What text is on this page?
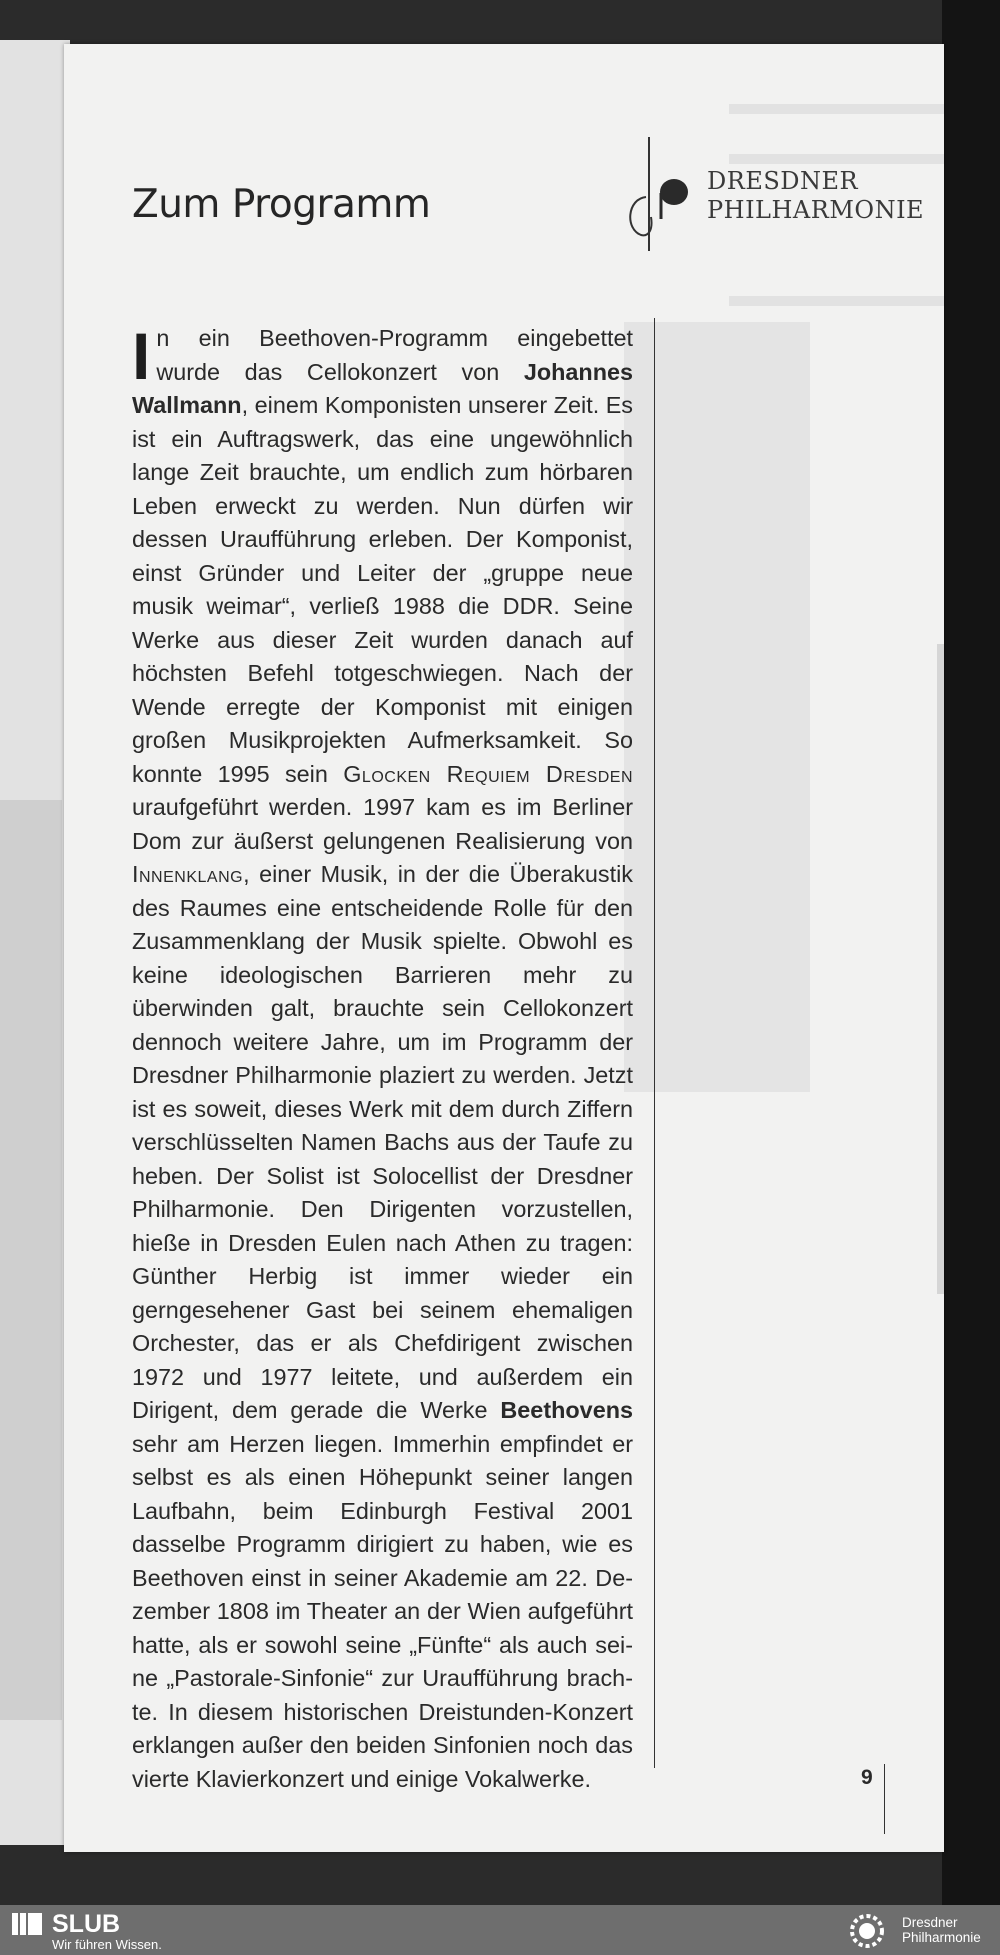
DRESDNER
PHILHARMONIE
Zum Programm

In ein Beethoven-Programm eingebettet wurde das Cellokonzert von Johannes Wallmann, einem Komponisten unserer Zeit. Es ist ein Auftragswerk, das eine ungewöhnlich lange Zeit brauchte, um endlich zum hörbaren Leben erweckt zu werden. Nun dürfen wir dessen Uraufführung erleben. Der Komponist, einst Gründer und Leiter der „gruppe neue musik weimar“, verließ 1988 die DDR. Seine Werke aus dieser Zeit wurden danach auf höchsten Befehl totgeschwiegen. Nach der Wende erregte der Komponist mit einigen großen Musikprojekten Aufmerksamkeit. So konnte 1995 sein Glocken Requiem Dresden uraufgeführt werden. 1997 kam es im Berliner Dom zur äußerst gelungenen Realisierung von Innenklang, einer Musik, in der die Überakustik des Raumes eine entscheidende Rolle für den Zusammenklang der Musik spielte. Obwohl es keine ideologischen Barrieren mehr zu überwinden galt, brauchte sein Cellokonzert dennoch weitere Jahre, um im Programm der Dresdner Philharmonie plaziert zu werden. Jetzt ist es soweit, dieses Werk mit dem durch Ziffern verschlüsselten Namen Bachs aus der Taufe zu heben. Der Solist ist Solocellist der Dresdner Philharmonie. Den Dirigenten vorzustellen, hieße in Dresden Eulen nach Athen zu tragen: Günther Herbig ist immer wieder ein gerngesehener Gast bei seinem ehemaligen Orchester, das er als Chefdirigent zwischen 1972 und 1977 leitete, und außerdem ein Dirigent, dem gerade die Werke Beethovens sehr am Herzen liegen. Immerhin empfindet er selbst es als einen Höhepunkt seiner langen Laufbahn, beim Edinburgh Festival 2001 dasselbe Programm dirigiert zu haben, wie es Beethoven einst in seiner Akademie am 22. Dezember 1808 im Theater an der Wien aufgeführt hatte, als er sowohl seine „Fünfte“ als auch seine „Pastorale-Sinfonie“ zur Uraufführung brachte. In diesem historischen Dreistunden-Konzert erklangen außer den beiden Sinfonien noch das vierte Klavierkonzert und einige Vokalwerke.	9
SLUB
Wir führen Wissen.
Dresdner
Philharmonie
